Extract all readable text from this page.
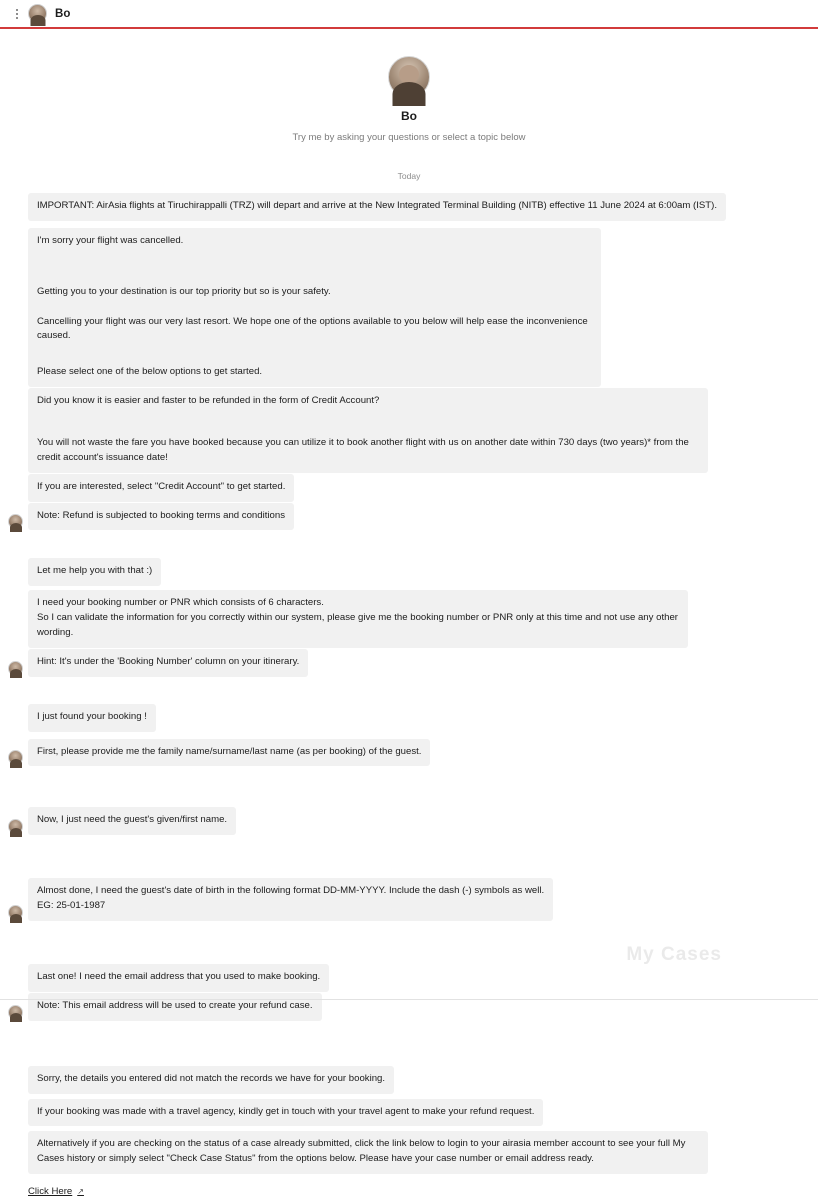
Bo
Bo
Try me by asking your questions or select a topic below
Today

IMPORTANT: AirAsia flights at Tiruchirappalli (TRZ) will depart and arrive at the New Integrated Terminal Building (NITB) effective 11 June 2024 at 6:00am (IST).

I'm sorry your flight was cancelled.

Getting you to your destination is our top priority but so is your safety.

Cancelling your flight was our very last resort. We hope one of the options available to you below will help ease the inconvenience caused.

Please select one of the below options to get started.

Did you know it is easier and faster to be refunded in the form of Credit Account?

You will not waste the fare you have booked because you can utilize it to book another flight with us on another date within 730 days (two years)* from the credit account's issuance date!

If you are interested, select "Credit Account" to get started.

Note: Refund is subjected to booking terms and conditions

Let me help you with that :)

I need your booking number or PNR which consists of 6 characters.

So I can validate the information for you correctly within our system, please give me the booking number or PNR only at this time and not use any other wording.

Hint: It's under the 'Booking Number' column on your itinerary.

I just found your booking !

First, please provide me the family name/surname/last name (as per booking) of the guest.

Now, I just need the guest's given/first name.

Almost done, I need the guest's date of birth in the following format DD-MM-YYYY. Include the dash (-) symbols as well.

EG: 25-01-1987

Last one! I need the email address that you used to make booking.

Note: This email address will be used to create your refund case.

Sorry, the details you entered did not match the records we have for your booking.

If your booking was made with a travel agency, kindly get in touch with your travel agent to make your refund request.

Alternatively if you are checking on the status of a case already submitted, click the link below to login to your airasia member account to see your full My Cases history or simply select "Check Case Status" from the options below. Please have your case number or email address ready.

Click Here ↗
My Cases
